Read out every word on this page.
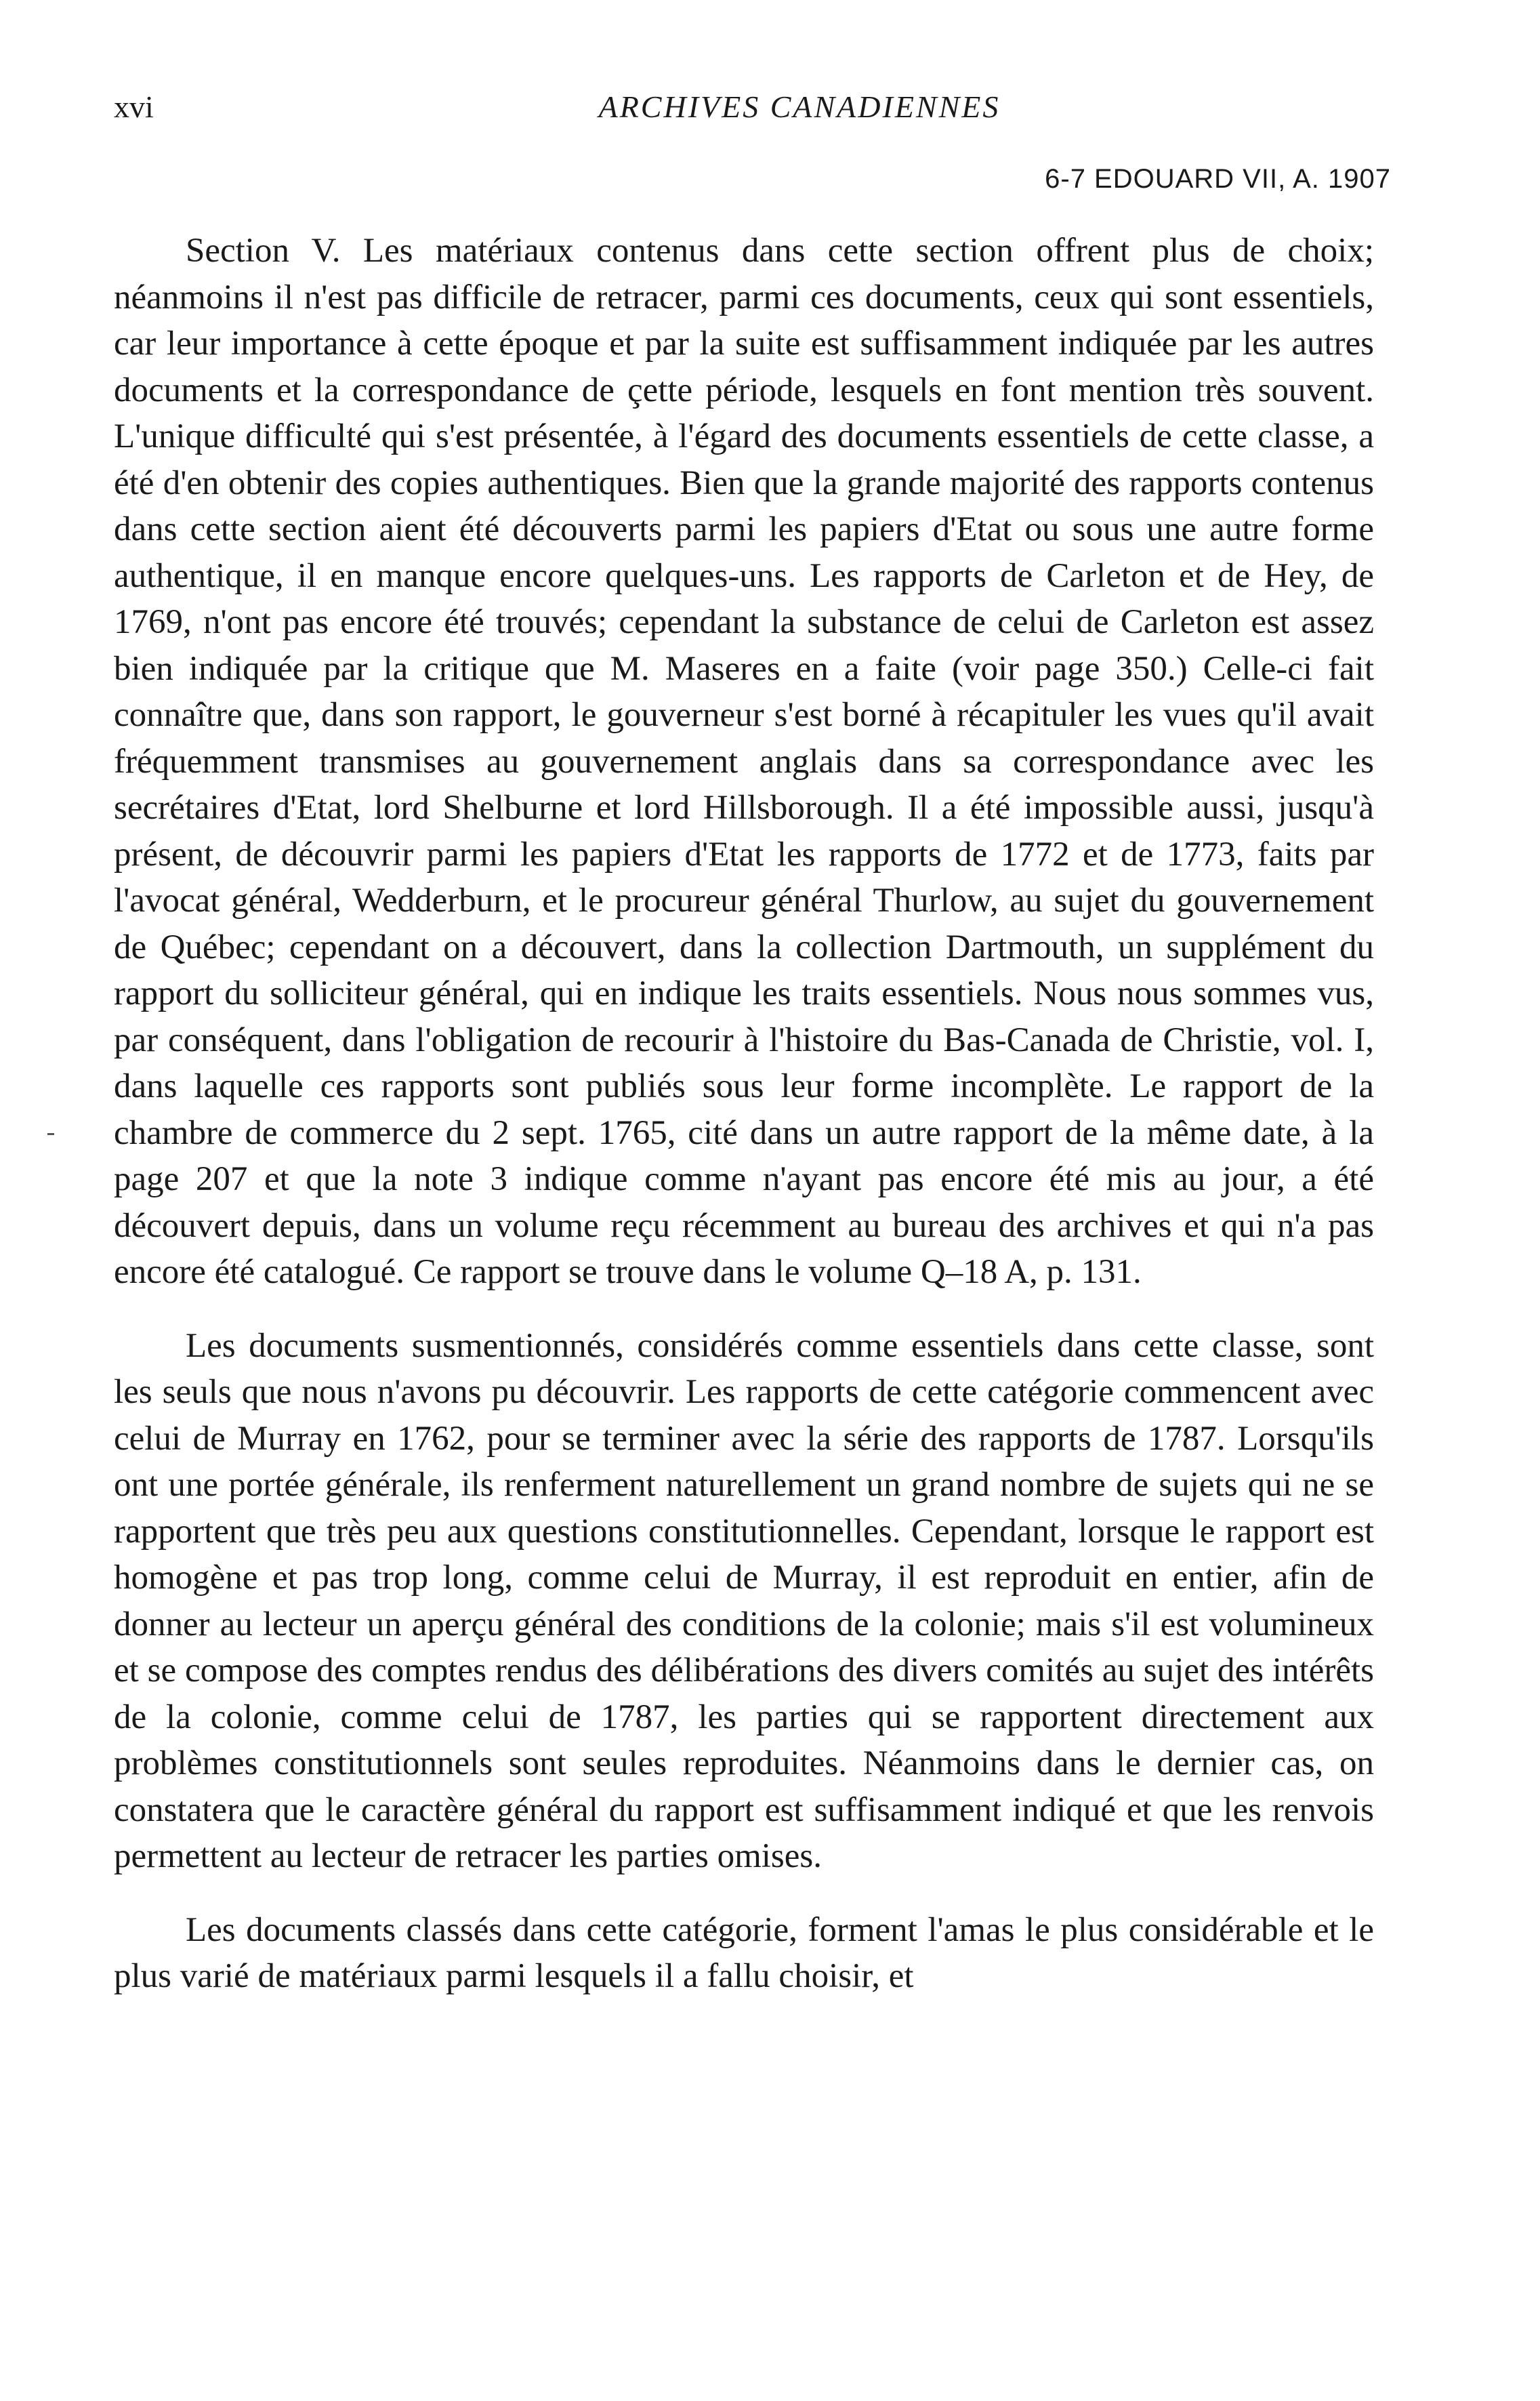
xvi	ARCHIVES CANADIENNES
6-7 EDOUARD VII, A. 1907

Section V. Les matériaux contenus dans cette section offrent plus de choix; néanmoins il n'est pas difficile de retracer, parmi ces documents, ceux qui sont essentiels, car leur importance à cette époque et par la suite est suffisamment indiquée par les autres documents et la correspondance de çette période, lesquels en font mention très souvent. L'unique difficulté qui s'est présentée, à l'égard des documents essentiels de cette classe, a été d'en obtenir des copies authentiques. Bien que la grande majorité des rapports contenus dans cette section aient été découverts parmi les papiers d'Etat ou sous une autre forme authentique, il en manque encore quelques-uns. Les rapports de Carleton et de Hey, de 1769, n'ont pas encore été trouvés; cependant la substance de celui de Carleton est assez bien indiquée par la critique que M. Maseres en a faite (voir page 350.) Celle-ci fait connaître que, dans son rapport, le gouverneur s'est borné à récapituler les vues qu'il avait fréquemment transmises au gouvernement anglais dans sa correspondance avec les secrétaires d'Etat, lord Shelburne et lord Hillsborough. Il a été impossible aussi, jusqu'à présent, de découvrir parmi les papiers d'Etat les rapports de 1772 et de 1773, faits par l'avocat général, Wedderburn, et le procureur général Thurlow, au sujet du gouvernement de Québec; cependant on a découvert, dans la collection Dartmouth, un supplément du rapport du solliciteur général, qui en indique les traits essentiels. Nous nous sommes vus, par conséquent, dans l'obligation de recourir à l'histoire du Bas-Canada de Christie, vol. I, dans laquelle ces rapports sont publiés sous leur forme incomplète. Le rapport de la chambre de commerce du 2 sept. 1765, cité dans un autre rapport de la même date, à la page 207 et que la note 3 indique comme n'ayant pas encore été mis au jour, a été découvert depuis, dans un volume reçu récemment au bureau des archives et qui n'a pas encore été catalogué. Ce rapport se trouve dans le volume Q–18 A, p. 131.

Les documents susmentionnés, considérés comme essentiels dans cette classe, sont les seuls que nous n'avons pu découvrir. Les rapports de cette catégorie commencent avec celui de Murray en 1762, pour se terminer avec la série des rapports de 1787. Lorsqu'ils ont une portée générale, ils renferment naturellement un grand nombre de sujets qui ne se rapportent que très peu aux questions constitutionnelles. Cependant, lorsque le rapport est homogène et pas trop long, comme celui de Murray, il est reproduit en entier, afin de donner au lecteur un aperçu général des conditions de la colonie; mais s'il est volumineux et se compose des comptes rendus des délibérations des divers comités au sujet des intérêts de la colonie, comme celui de 1787, les parties qui se rapportent directement aux problèmes constitutionnels sont seules reproduites. Néanmoins dans le dernier cas, on constatera que le caractère général du rapport est suffisamment indiqué et que les renvois permettent au lecteur de retracer les parties omises.

Les documents classés dans cette catégorie, forment l'amas le plus considérable et le plus varié de matériaux parmi lesquels il a fallu choisir, et
